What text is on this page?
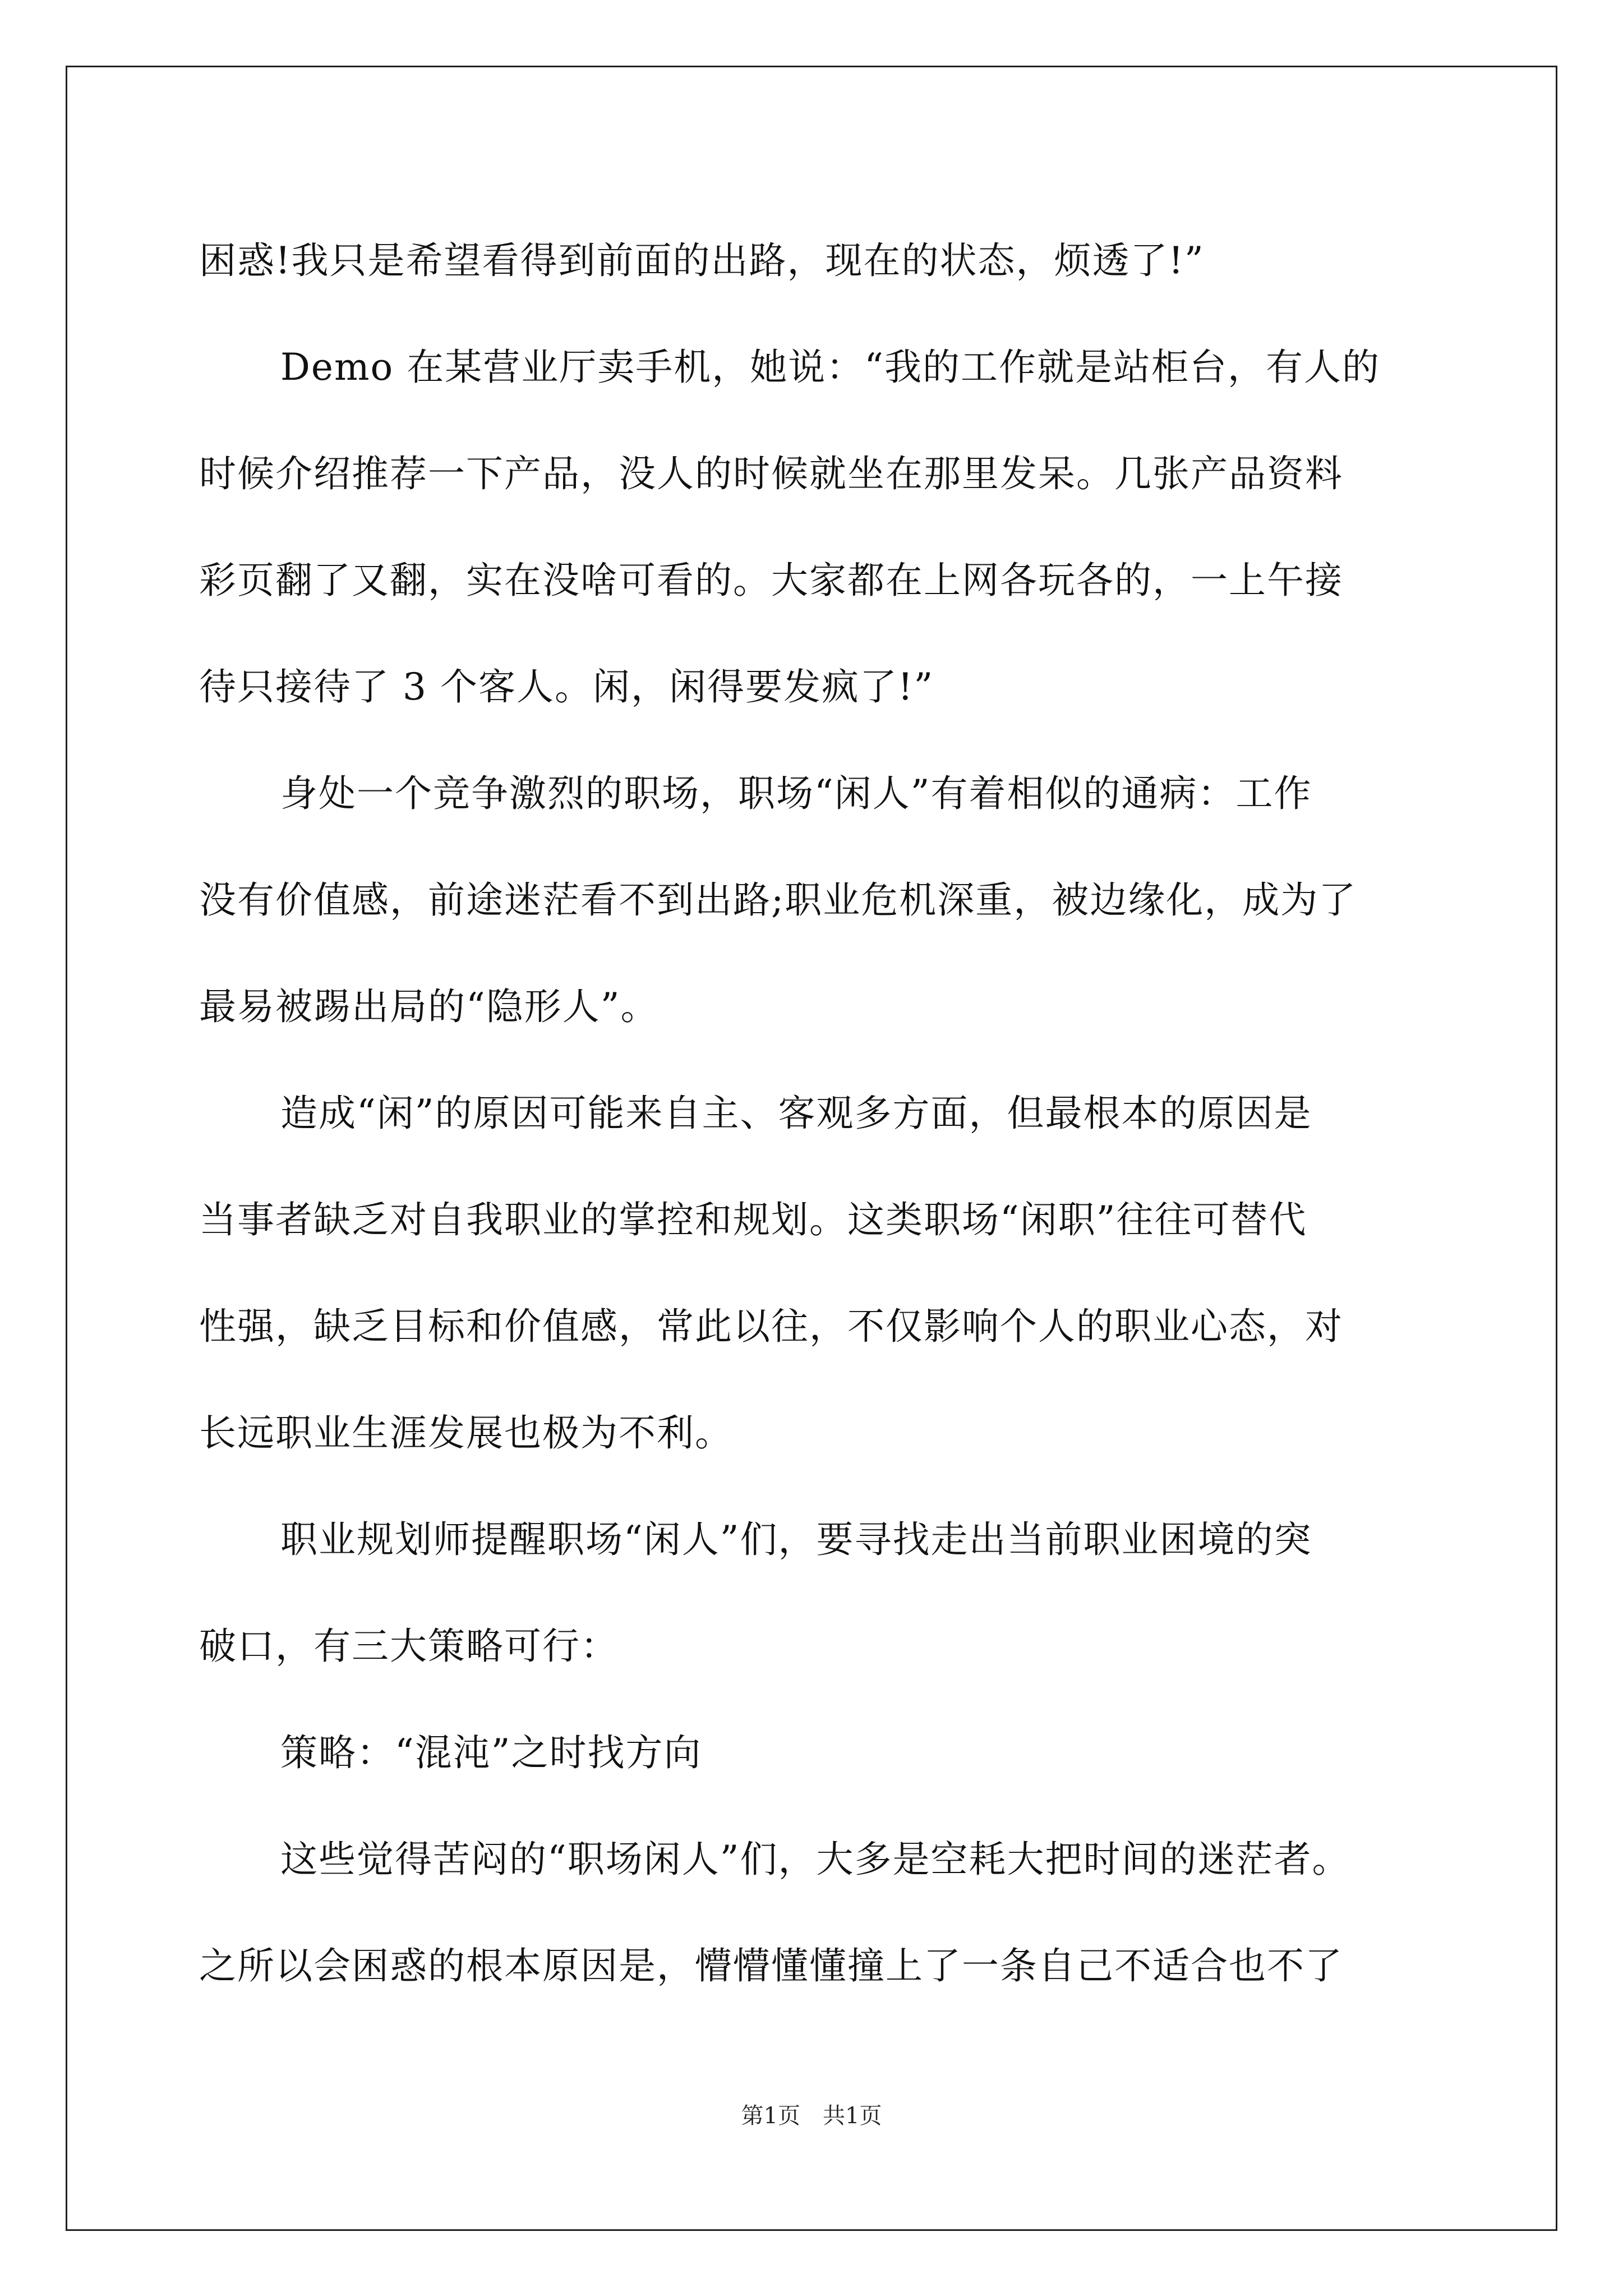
困惑!我只是希望看得到前面的出路，现在的状态，烦透了!”
Demo 在某营业厅卖手机，她说：“我的工作就是站柜台，有人的
时候介绍推荐一下产品，没人的时候就坐在那里发呆。几张产品资料
彩页翻了又翻，实在没啥可看的。大家都在上网各玩各的，一上午接
待只接待了 3 个客人。闲，闲得要发疯了!”
身处一个竞争激烈的职场，职场“闲人”有着相似的通病：工作
没有价值感，前途迷茫看不到出路;职业危机深重，被边缘化，成为了
最易被踢出局的“隐形人”。
造成“闲”的原因可能来自主、客观多方面，但最根本的原因是
当事者缺乏对自我职业的掌控和规划。这类职场“闲职”往往可替代
性强，缺乏目标和价值感，常此以往，不仅影响个人的职业心态，对
长远职业生涯发展也极为不利。
职业规划师提醒职场“闲人”们，要寻找走出当前职业困境的突
破口，有三大策略可行：
策略：“混沌”之时找方向
这些觉得苦闷的“职场闲人”们，大多是空耗大把时间的迷茫者。
之所以会困惑的根本原因是，懵懵懂懂撞上了一条自己不适合也不了
第1页　共1页
